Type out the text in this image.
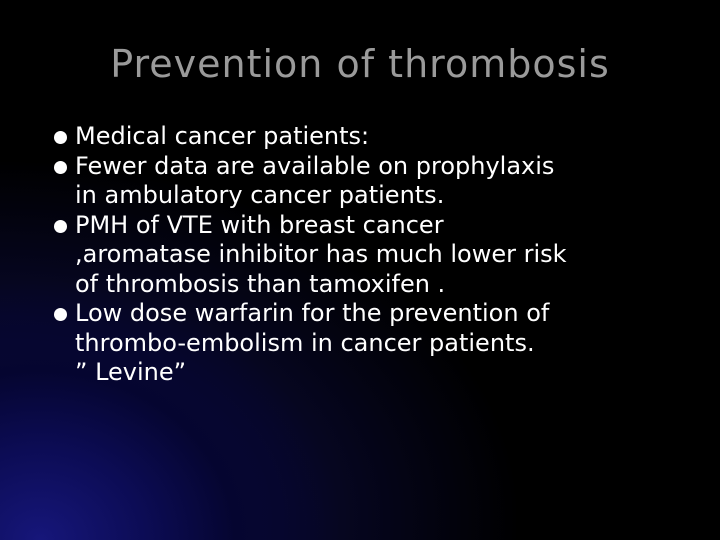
Prevention of thrombosis
Medical cancer patients:
Fewer data are available on prophylaxis
in ambulatory cancer patients.
PMH of VTE with breast cancer
,aromatase inhibitor has much lower risk
of thrombosis than tamoxifen .
Low dose warfarin for the prevention of
thrombo-embolism in cancer patients.
” Levine”
